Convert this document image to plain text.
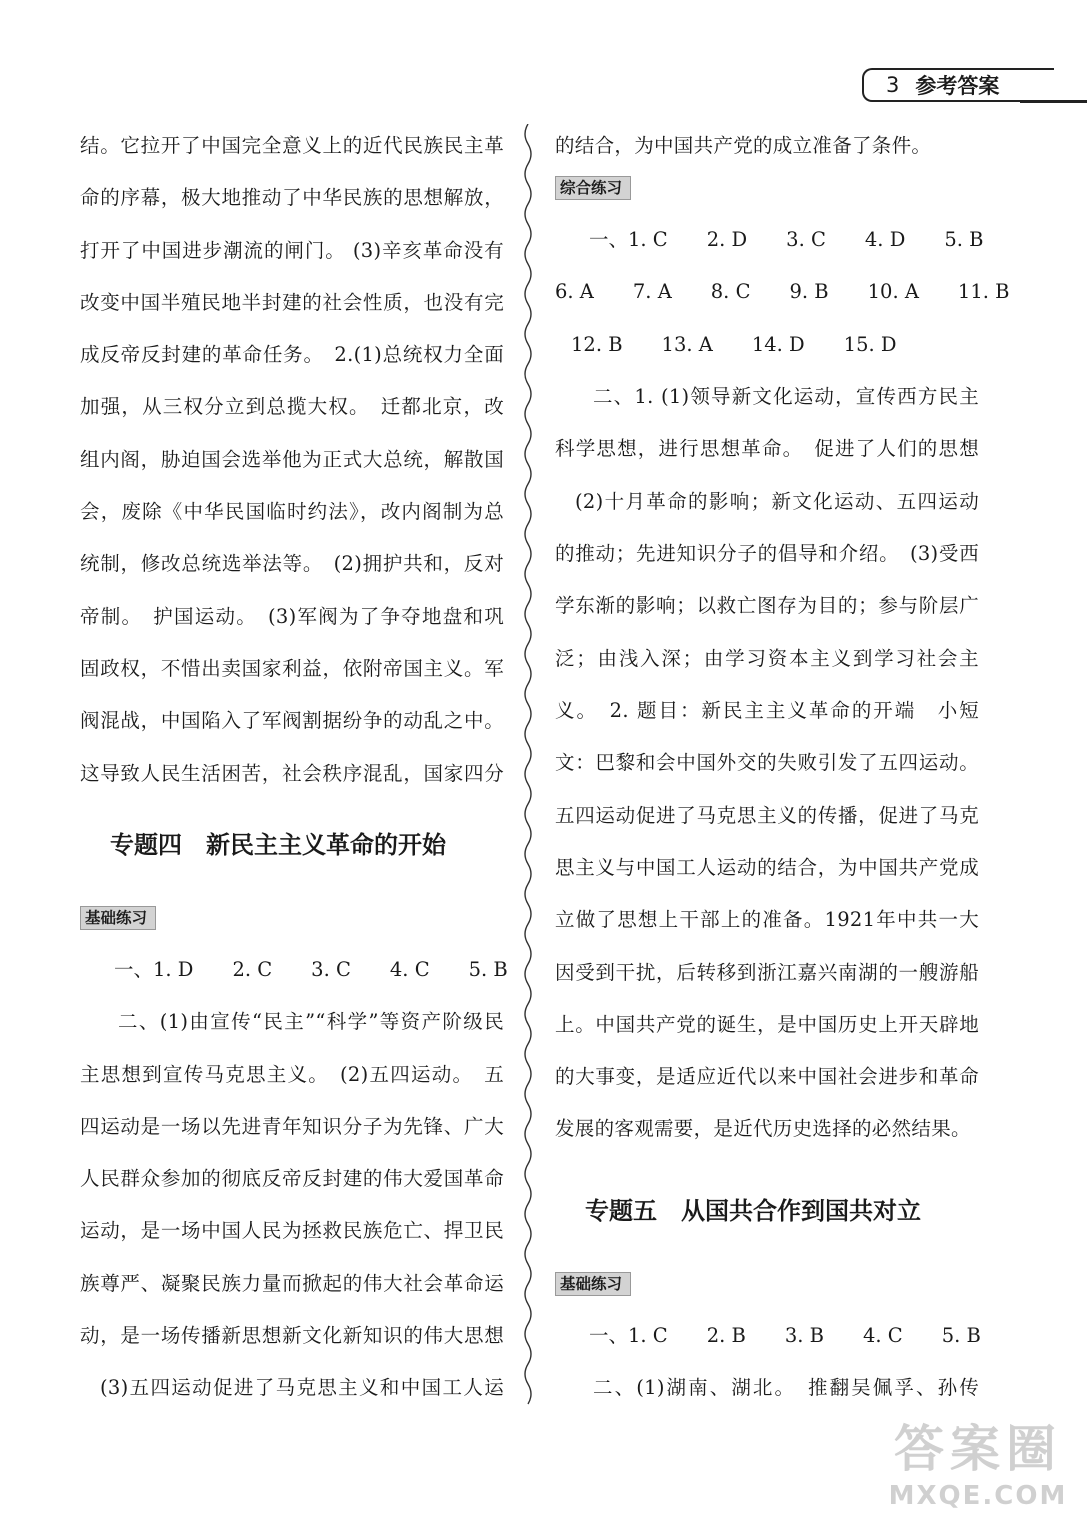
3 参考答案
结。它拉开了中国完全意义上的近代民族民主革命的序幕，极大地推动了中华民族的思想解放，打开了中国进步潮流的闸门。 (3)辛亥革命没有改变中国半殖民地半封建的社会性质，也没有完成反帝反封建的革命任务。　2.(1)总统权力全面加强，从三权分立到总揽大权。　迁都北京，改组内阁，胁迫国会选举他为正式大总统，解散国会，废除《中华民国临时约法》，改内阁制为总统制，修改总统选举法等。　(2)拥护共和，反对帝制。　护国运动。　(3)军阀为了争夺地盘和巩固政权，不惜出卖国家利益，依附帝国主义。军阀混战，中国陷入了军阀割据纷争的动乱之中。这导致人民生活困苦，社会秩序混乱，国家四分
专题四　新民主主义革命的开始
基础练习
一、1. D　　2. C　　3. C　　4. C　　5. B
二、(1)由宣传“民主”“科学”等资产阶级民主思想到宣传马克思主义。　(2)五四运动。　五四运动是一场以先进青年知识分子为先锋、广大人民群众参加的彻底反帝反封建的伟大爱国革命运动，是一场中国人民为拯救民族危亡、捍卫民族尊严、凝聚民族力量而掀起的伟大社会革命运动，是一场传播新思想新文化新知识的伟大思想
(3)五四运动促进了马克思主义和中国工人运
的结合，为中国共产党的成立准备了条件。
综合练习
一、1. C　　2. D　　3. C　　4. D　　5. B
6. A　　7. A　　8. C　　9. B　　10. A　　11. B
12. B　　13. A　　14. D　　15. D
二、1. (1)领导新文化运动，宣传西方民主科学思想，进行思想革命。　促进了人们的思想
(2)十月革命的影响；新文化运动、五四运动的推动；先进知识分子的倡导和介绍。　(3)受西学东渐的影响；以救亡图存为目的；参与阶层广泛；由浅入深；由学习资本主义到学习社会主义。　2. 题目：新民主主义革命的开端　小短文：巴黎和会中国外交的失败引发了五四运动。五四运动促进了马克思主义的传播，促进了马克思主义与中国工人运动的结合，为中国共产党成立做了思想上干部上的准备。1921年中共一大因受到干扰，后转移到浙江嘉兴南湖的一艘游船上。中国共产党的诞生，是中国历史上开天辟地的大事变，是适应近代以来中国社会进步和革命发展的客观需要，是近代历史选择的必然结果。
专题五　从国共合作到国共对立
基础练习
一、1. C　　2. B　　3. B　　4. C　　5. B
二、(1)湖南、湖北。　推翻吴佩孚、孙传
答案圈
MXQE.COM
